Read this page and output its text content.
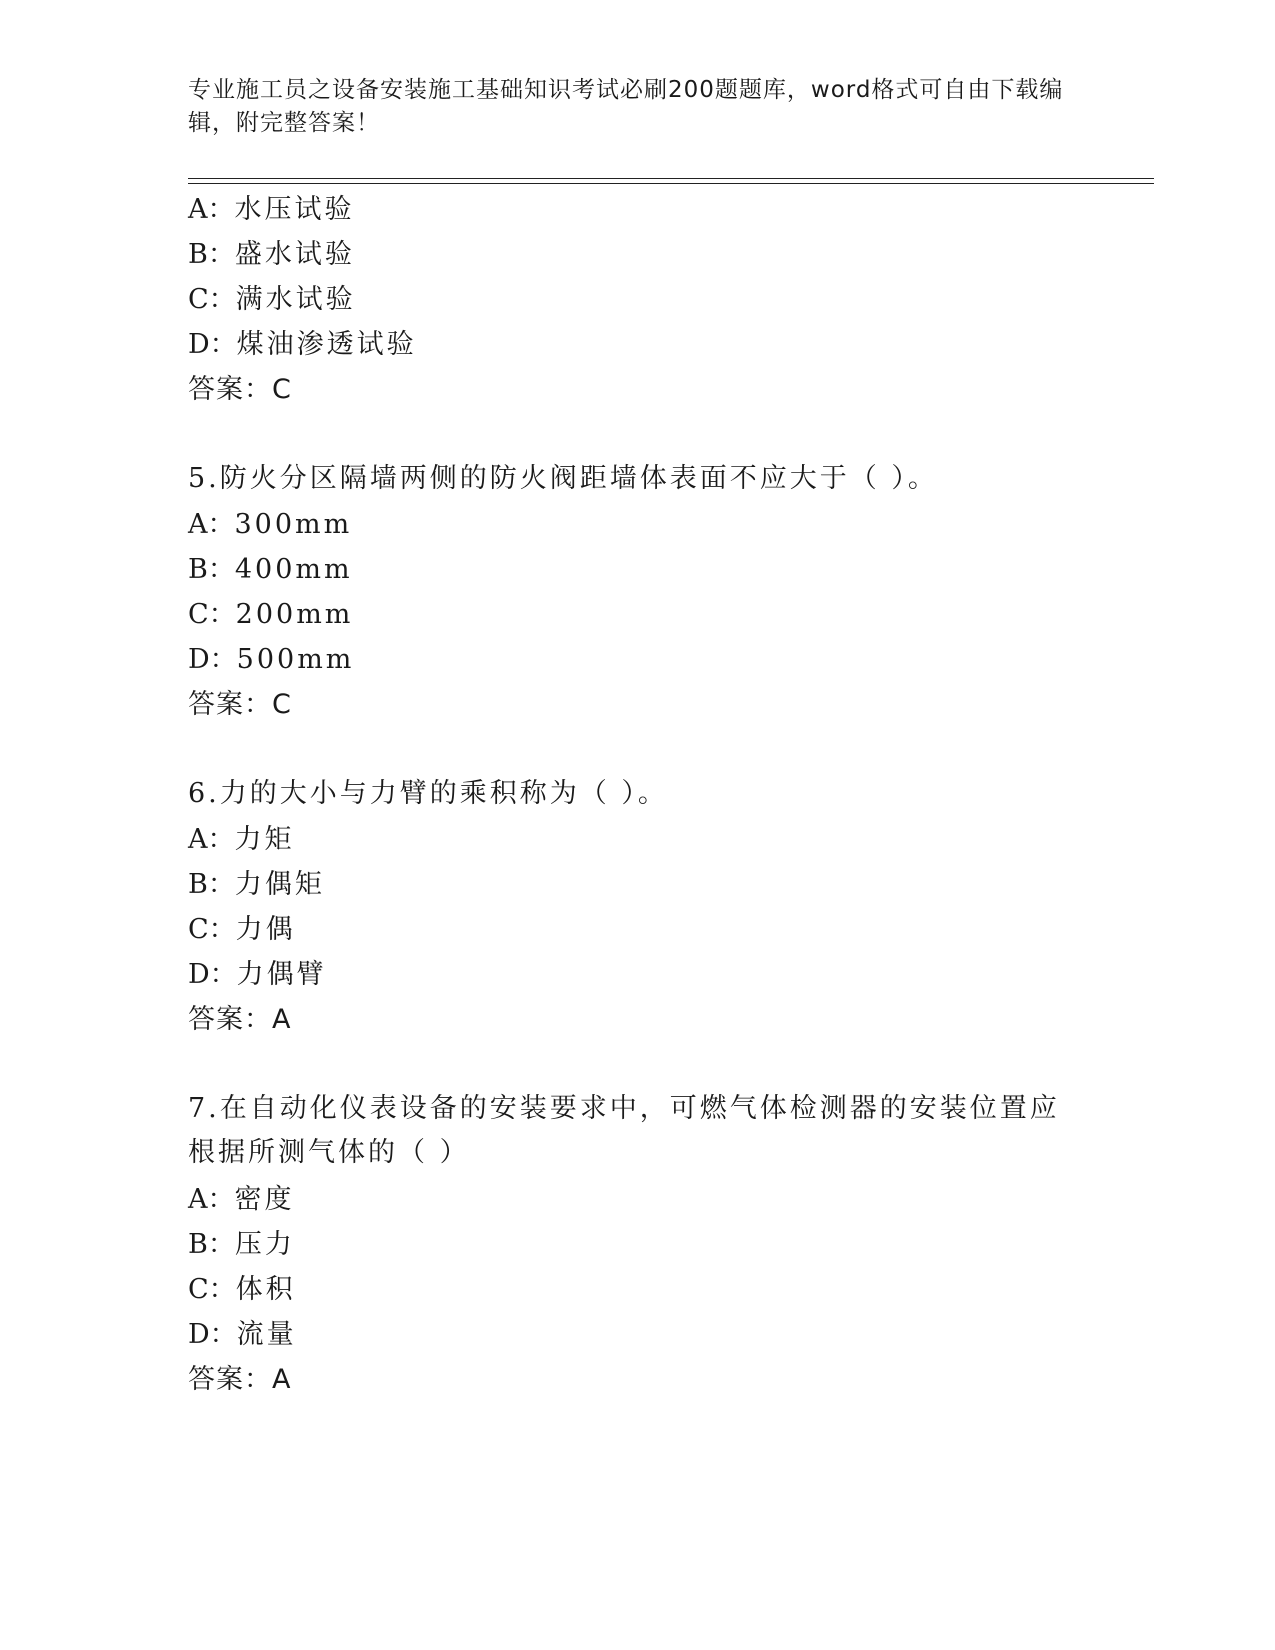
专业施工员之设备安装施工基础知识考试必刷200题题库，word格式可自由下载编辑，附完整答案！
A：水压试验
B：盛水试验
C：满水试验
D：煤油渗透试验
答案：C
5.防火分区隔墙两侧的防火阀距墙体表面不应大于（ ）。
A：300mm
B：400mm
C：200mm
D：500mm
答案：C
6.力的大小与力臂的乘积称为（ ）。
A：力矩
B：力偶矩
C：力偶
D：力偶臂
答案：A
7.在自动化仪表设备的安装要求中，可燃气体检测器的安装位置应根据所测气体的（ ）
A：密度
B：压力
C：体积
D：流量
答案：A
